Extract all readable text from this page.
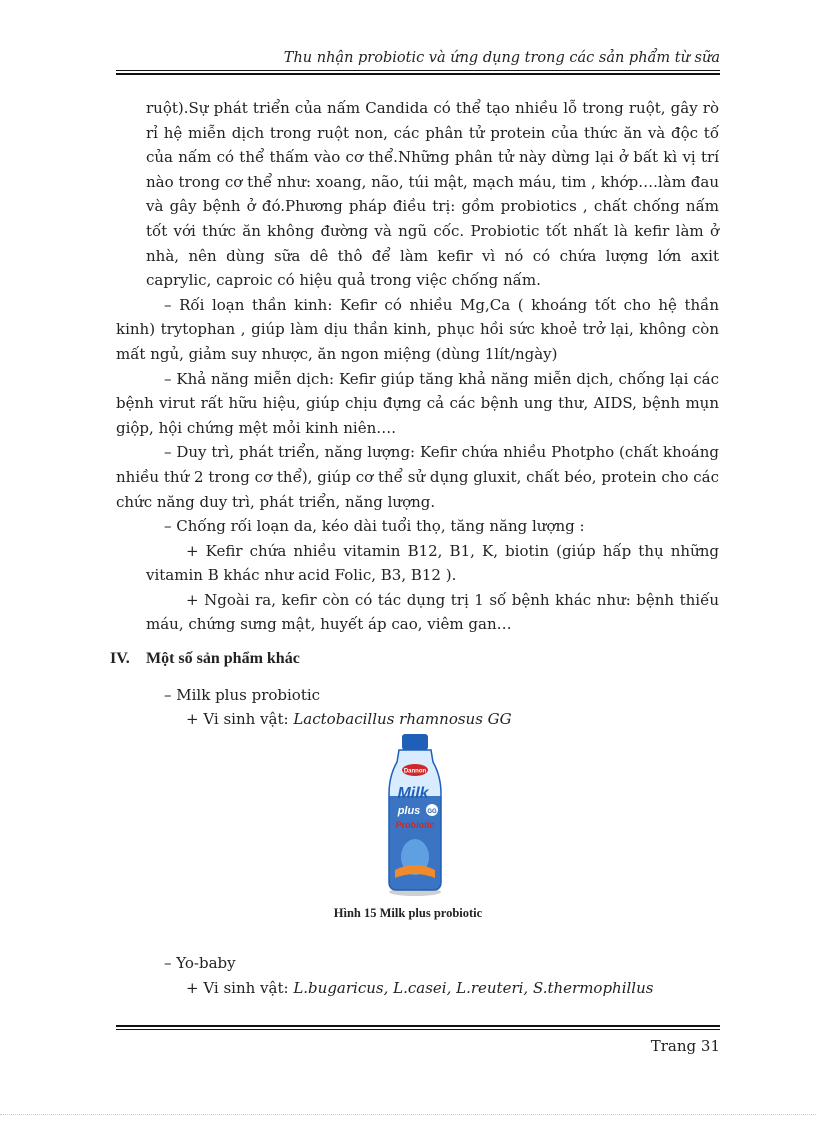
Thu nhận probiotic và ứng dụng trong các sản phẩm từ sữa

ruột).Sự phát triển của nấm Candida có thể tạo nhiều lỗ trong ruột, gây rò rỉ hệ miễn dịch trong ruột non, các phân tử protein của thức ăn và độc tố của nấm có thể thấm vào cơ thể.Những phân tử này dừng lại ở bất kì vị trí nào trong cơ thể như: xoang, não, túi mật, mạch máu, tim , khớp….làm đau và gây bệnh ở đó.Phương pháp điều trị: gồm probiotics , chất chống nấm tốt với thức ăn không đường và ngũ cốc. Probiotic tốt nhất là kefir làm ở nhà, nên dùng sữa dê thô để làm kefir vì nó có chứa lượng lớn axit caprylic, caproic có hiệu quả trong việc chống nấm.

– Rối loạn thần kinh: Kefir có nhiều Mg,Ca ( khoáng tốt cho hệ thần kinh) trytophan , giúp làm dịu thần kinh, phục hồi sức khoẻ trở lại, không còn mất ngủ, giảm suy nhược, ăn ngon miệng (dùng 1lít/ngày)

– Khả năng miễn dịch: Kefir giúp tăng khả năng miễn dịch, chống lại các bệnh virut rất hữu hiệu, giúp chịu đựng cả các bệnh ung thư, AIDS, bệnh mụn giộp, hội chứng mệt mỏi kinh niên….

– Duy trì, phát triển, năng lượng: Kefir chứa nhiều Photpho (chất khoáng nhiều thứ 2 trong cơ thể), giúp cơ thể sử dụng gluxit, chất béo, protein cho các chức năng duy trì, phát triển, năng lượng.

– Chống rối loạn da, kéo dài tuổi thọ, tăng năng lượng :

+ Kefir chứa nhiều vitamin B12, B1, K, biotin (giúp hấp thụ những vitamin B khác như acid Folic, B3, B12 ).

+ Ngoài ra, kefir còn có tác dụng trị 1 số bệnh khác như: bệnh thiếu máu, chứng sưng mật, huyết áp cao, viêm gan…

IV. Một số sản phẩm khác
– Milk plus probiotic
+ Vi sinh vật: Lactobacillus rhamnosus GG
Dannon
Milk
plus GG
Probiotic
Hình 15 Milk plus probiotic
– Yo-baby
+ Vi sinh vật: L.bugaricus, L.casei, L.reuteri, S.thermophillus
Trang 31
